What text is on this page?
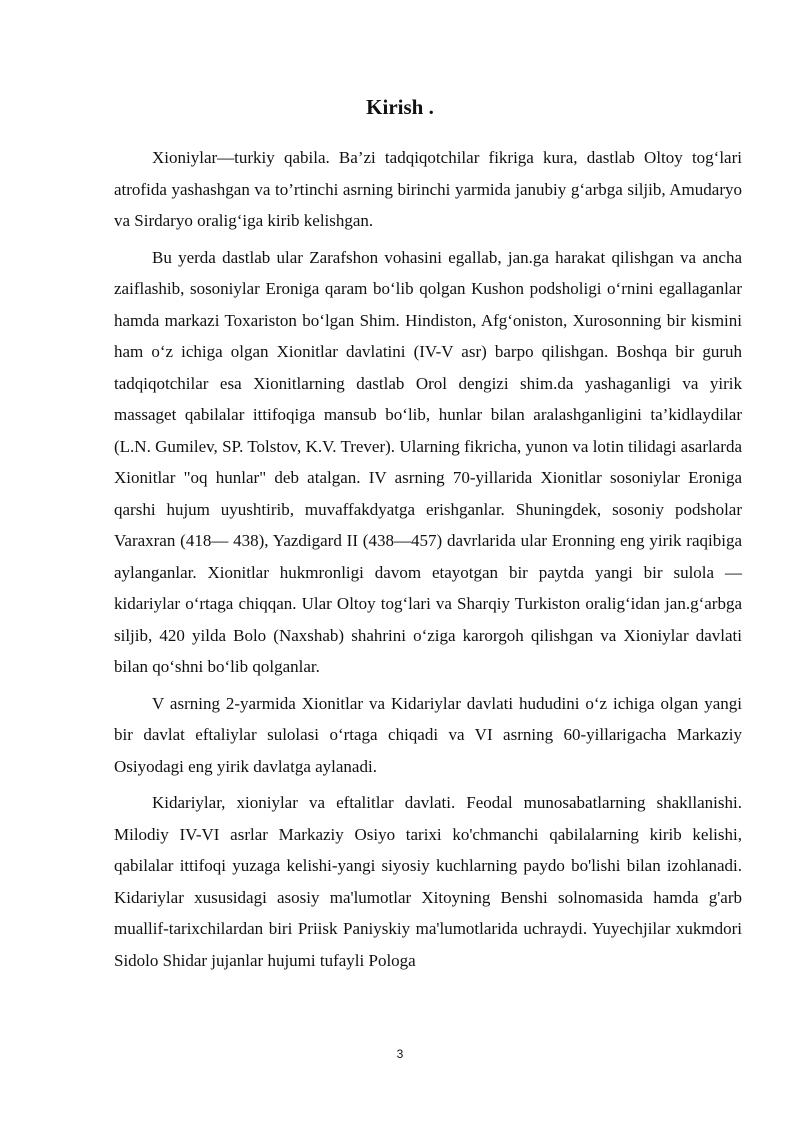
Kirish .

Xioniylar—turkiy qabila. Ba’zi tadqiqotchilar fikriga kura, dastlab Oltoy tog‘lari atrofida yashashgan va to’rtinchi asrning birinchi yarmida janubiy g‘arbga siljib, Amudaryo va Sirdaryo oralig‘iga kirib kelishgan.

Bu yerda dastlab ular Zarafshon vohasini egallab, jan.ga harakat qilishgan va ancha zaiflashib, sosoniylar Eroniga qaram bo‘lib qolgan Kushon podsholigi o‘rnini egallaganlar hamda markazi Toxariston bo‘lgan Shim. Hindiston, Afg‘oniston, Xurosonning bir kismini ham o‘z ichiga olgan Xionitlar davlatini (IV-V asr) barpo qilishgan. Boshqa bir guruh tadqiqotchilar esa Xionitlarning dastlab Orol dengizi shim.da yashaganligi va yirik massaget qabilalar ittifoqiga mansub bo‘lib, hunlar bilan aralashganligini ta’kidlaydilar (L.N. Gumilev, SP. Tolstov, K.V. Trever). Ularning fikricha, yunon va lotin tilidagi asarlarda Xionitlar "oq hunlar" deb atalgan. IV asrning 70-yillarida Xionitlar sosoniylar Eroniga qarshi hujum uyushtirib, muvaffakdyatga erishganlar. Shuningdek, sosoniy podsholar Varaxran (418— 438), Yazdigard II (438—457) davrlarida ular Eronning eng yirik raqibiga aylanganlar. Xionitlar hukmronligi davom etayotgan bir paytda yangi bir sulola — kidariylar o‘rtaga chiqqan. Ular Oltoy tog‘lari va Sharqiy Turkiston oralig‘idan jan.g‘arbga siljib, 420 yilda Bolo (Naxshab) shahrini o‘ziga karorgoh qilishgan va Xioniylar davlati bilan qo‘shni bo‘lib qolganlar.

V asrning 2-yarmida Xionitlar va Kidariylar davlati hududini o‘z ichiga olgan yangi bir davlat eftaliylar sulolasi o‘rtaga chiqadi va VI asrning 60-yillarigacha Markaziy Osiyodagi eng yirik davlatga aylanadi.

Kidariylar, xioniylar va eftalitlar davlati. Feodal munosabatlarning shakllanishi. Milodiy IV-VI asrlar Markaziy Osiyo tarixi ko'chmanchi qabilalarning kirib kelishi, qabilalar ittifoqi yuzaga kelishi-yangi siyosiy kuchlarning paydo bo'lishi bilan izohlanadi. Kidariylar xususidagi asosiy ma'lumotlar Xitoyning Benshi solnomasida hamda g'arb muallif-tarixchilardan biri Priisk Paniyskiy ma'lumotlarida uchraydi. Yuyechjilar xukmdori Sidolo Shidar jujanlar hujumi tufayli Pologa

3
